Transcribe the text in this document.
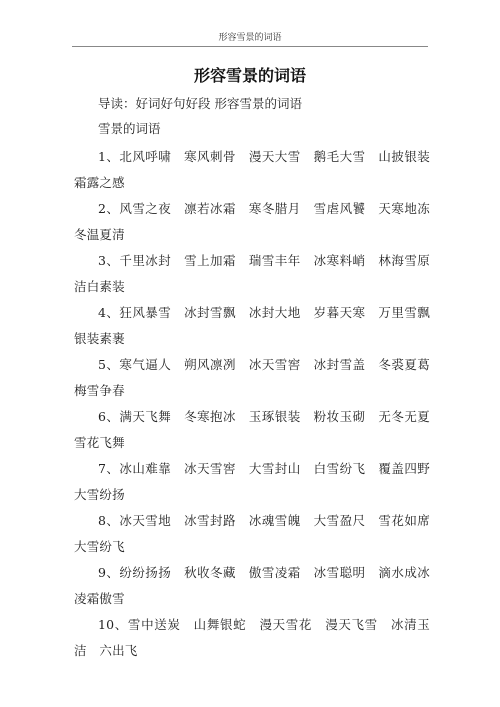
形容雪景的词语
形容雪景的词语
导读：好词好句好段 形容雪景的词语
雪景的词语

1、北风呼啸　寒风刺骨　漫天大雪　鹅毛大雪　山披银装　霜露之感

2、风雪之夜　凛若冰霜　寒冬腊月　雪虐风饕　天寒地冻　冬温夏清

3、千里冰封　雪上加霜　瑞雪丰年　冰寒料峭　林海雪原　洁白素装

4、狂风暴雪　冰封雪飘　冰封大地　岁暮天寒　万里雪飘　银装素裹

5、寒气逼人　朔风凛冽　冰天雪窖　冰封雪盖　冬裘夏葛　梅雪争春

6、满天飞舞　冬寒抱冰　玉琢银装　粉妆玉砌　无冬无夏　雪花飞舞

7、冰山难靠　冰天雪窖　大雪封山　白雪纷飞　覆盖四野　大雪纷扬

8、冰天雪地　冰雪封路　冰魂雪魄　大雪盈尺　雪花如席　大雪纷飞

9、纷纷扬扬　秋收冬藏　傲雪凌霜　冰雪聪明　滴水成冰　凌霜傲雪

10、雪中送炭　山舞银蛇　漫天雪花　漫天飞雪　冰清玉洁　六出飞
